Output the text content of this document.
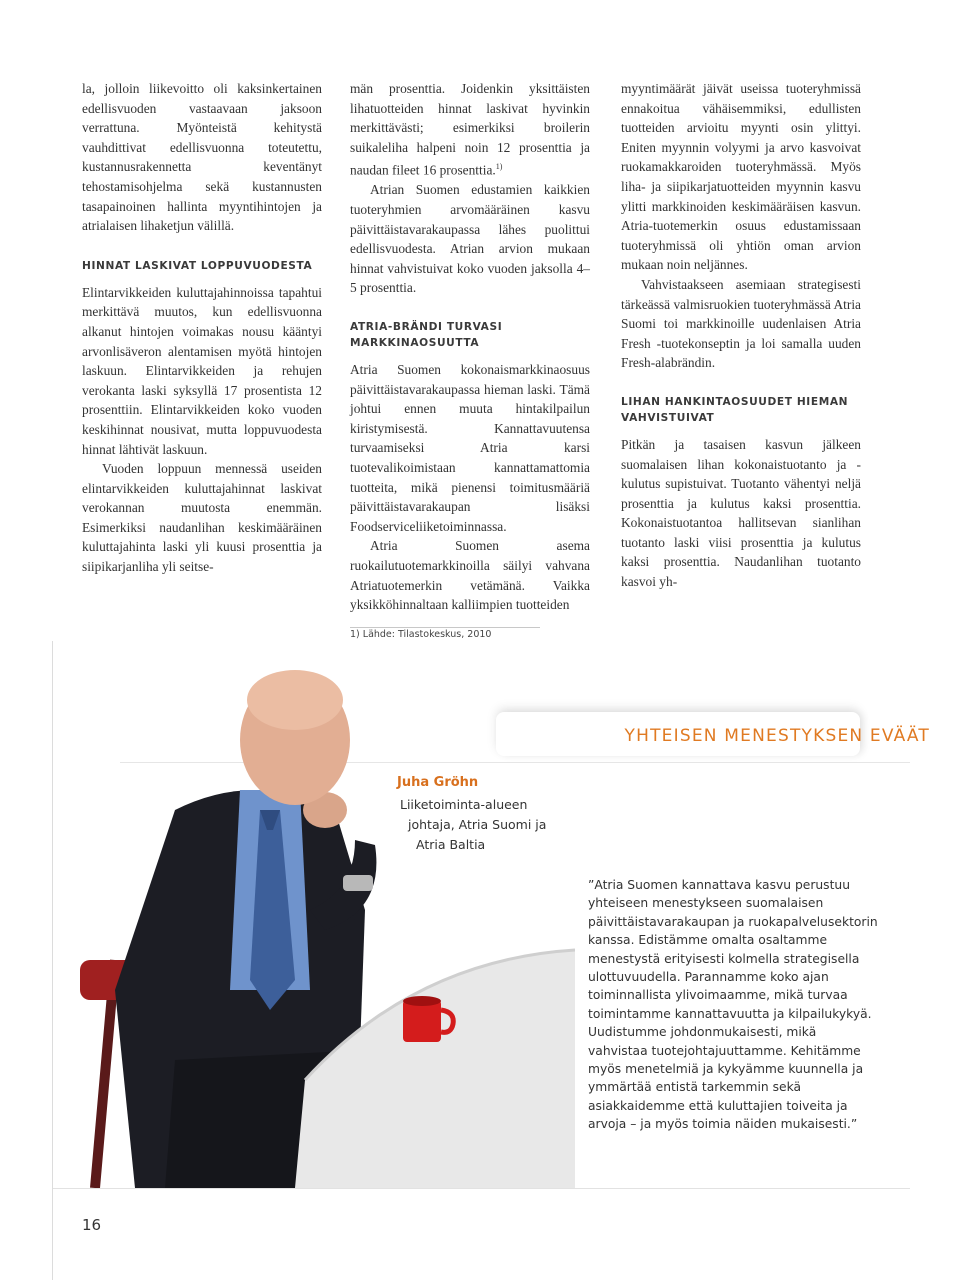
la, jolloin liikevoitto oli kaksinkertainen edellisvuoden vastaavaan jaksoon verrattuna. Myönteistä kehitystä vauhdittivat edellisvuonna toteutettu, kustannusrakennetta keventänyt tehostamisohjelma sekä kustannusten tasapainoinen hallinta myyntihintojen ja atrialaisen lihaketjun välillä.

HINNAT LASKIVAT LOPPUVUODESTA

Elintarvikkeiden kuluttajahinnoissa tapahtui merkittävä muutos, kun edellisvuonna alkanut hintojen voimakas nousu kääntyi arvonlisäveron alentamisen myötä hintojen laskuun. Elintarvikkeiden ja rehujen verokanta laski syksyllä 17 prosentista 12 prosenttiin. Elintarvikkeiden koko vuoden keskihinnat nousivat, mutta loppuvuodesta hinnat lähtivät laskuun.

Vuoden loppuun mennessä useiden elintarvikkeiden kuluttajahinnat laskivat verokannan muutosta enemmän. Esimerkiksi naudanlihan keskimääräinen kuluttajahinta laski yli kuusi prosenttia ja siipikarjanliha yli seitse-

män prosenttia. Joidenkin yksittäisten lihatuotteiden hinnat laskivat hyvinkin merkittävästi; esimerkiksi broilerin suikaleliha halpeni noin 12 prosenttia ja naudan fileet 16 prosenttia.$^{1)}$

Atrian Suomen edustamien kaikkien tuoteryhmien arvomääräinen kasvu päivittäistavarakaupassa lähes puolittui edellisvuodesta. Atrian arvion mukaan hinnat vahvistuivat koko vuoden jaksolla 4–5 prosenttia.

ATRIA-BRÄNDI TURVASI MARKKINAOSUUTTA

Atria Suomen kokonaismarkkinaosuus päivittäistavarakaupassa hieman laski. Tämä johtui ennen muuta hintakilpailun kiristymisestä. Kannattavuutensa turvaamiseksi Atria karsi tuotevalikoimistaan kannattamattomia tuotteita, mikä pienensi toimitusmääriä päivittäistavarakaupan lisäksi Foodserviceliiketoiminnassa.

Atria Suomen asema ruokailutuotemarkkinoilla säilyi vahvana Atriatuotemerkin vetämänä. Vaikka yksikköhinnaltaan kalliimpien tuotteiden

myyntimäärät jäivät useissa tuoteryhmissä ennakoitua vähäisemmiksi, edullisten tuotteiden arvioitu myynti osin ylittyi. Eniten myynnin volyymi ja arvo kasvoivat ruokamakkaroiden tuoteryhmässä. Myös liha- ja siipikarjatuotteiden myynnin kasvu ylitti markkinoiden keskimääräisen kasvun. Atria-tuotemerkin osuus edustamissaan tuoteryhmissä oli yhtiön oman arvion mukaan noin neljännes.

Vahvistaakseen asemiaan strategisesti tärkeässä valmisruokien tuoteryhmässä Atria Suomi toi markkinoille uudenlaisen Atria Fresh -tuotekonseptin ja loi samalla uuden Fresh-alabrändin.

LIHAN HANKINTAOSUUDET HIEMAN VAHVISTUIVAT

Pitkän ja tasaisen kasvun jälkeen suomalaisen lihan kokonaistuotanto ja -kulutus supistuivat. Tuotanto vähentyi neljä prosenttia ja kulutus kaksi prosenttia. Kokonaistuotantoa hallitsevan sianlihan tuotanto laski viisi prosenttia ja kulutus kaksi prosenttia. Naudanlihan tuotanto kasvoi yh-

1) Lähde: Tilastokeskus, 2010
YHTEISEN MENESTYKSEN EVÄÄT
Juha Gröhn
Liiketoiminta-alueen
johtaja, Atria Suomi ja
Atria Baltia
”Atria Suomen kannattava kasvu perustuu yhteiseen menestykseen suomalaisen päivittäistavarakaupan ja ruokapalvelusektorin kanssa. Edistämme omalta osaltamme menestystä erityisesti kolmella strategisella ulottuvuudella. Parannamme koko ajan toiminnallista ylivoimaamme, mikä turvaa toimintamme kannattavuutta ja kilpailukykyä. Uudistumme johdonmukaisesti, mikä vahvistaa tuotejohtajuuttamme. Kehitämme myös menetelmiä ja kykyämme kuunnella ja ymmärtää entistä tarkemmin sekä asiakkaidemme että kuluttajien toiveita ja arvoja – ja myös toimia näiden mukaisesti.”
16
